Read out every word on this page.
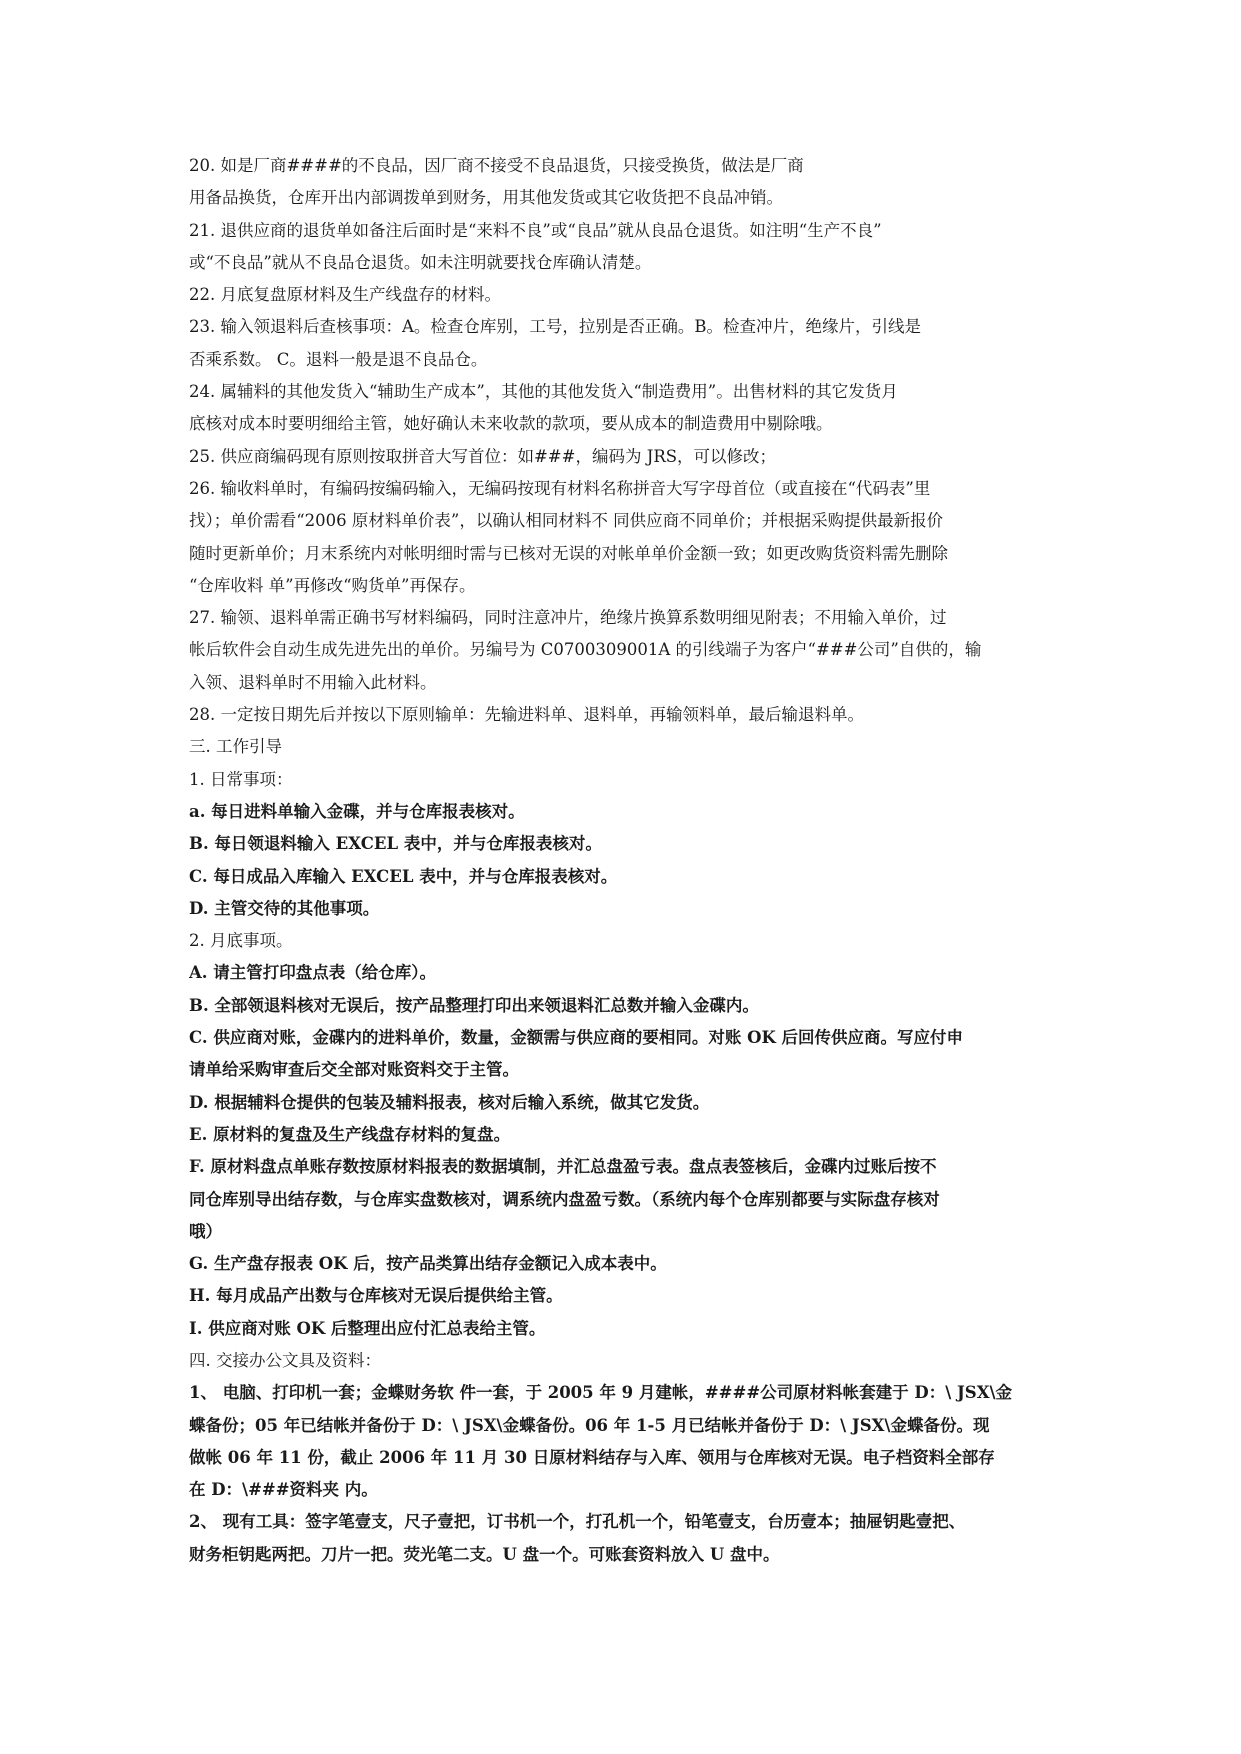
20. 如是厂商####的不良品，因厂商不接受不良品退货，只接受换货，做法是厂商
用备品换货，仓库开出内部调拨单到财务，用其他发货或其它收货把不良品冲销。
21. 退供应商的退货单如备注后面时是“来料不良”或“良品”就从良品仓退货。如注明“生产不良”
或“不良品”就从不良品仓退货。如未注明就要找仓库确认清楚。
22. 月底复盘原材料及生产线盘存的材料。
23. 输入领退料后查核事项：A。检查仓库别，工号，拉别是否正确。B。检查冲片，绝缘片，引线是
否乘系数。 C。退料一般是退不良品仓。
24. 属辅料的其他发货入“辅助生产成本”，其他的其他发货入“制造费用”。出售材料的其它发货月
底核对成本时要明细给主管，她好确认未来收款的款项，要从成本的制造费用中剔除哦。
25. 供应商编码现有原则按取拼音大写首位：如###，编码为 JRS，可以修改；
26. 输收料单时，有编码按编码输入，无编码按现有材料名称拼音大写字母首位（或直接在“代码表”里
找）；单价需看“2006 原材料单价表”，以确认相同材料不 同供应商不同单价；并根据采购提供最新报价
随时更新单价；月末系统内对帐明细时需与已核对无误的对帐单单价金额一致；如更改购货资料需先删除
“仓库收料 单”再修改“购货单”再保存。
27. 输领、退料单需正确书写材料编码，同时注意冲片，绝缘片换算系数明细见附表；不用输入单价，过
帐后软件会自动生成先进先出的单价。另编号为 C0700309001A 的引线端子为客户“###公司”自供的，输
入领、退料单时不用输入此材料。
28. 一定按日期先后并按以下原则输单：先输进料单、退料单，再输领料单，最后输退料单。
三. 工作引导
1. 日常事项：
a. 每日进料单输入金碟，并与仓库报表核对。
B. 每日领退料输入 EXCEL 表中，并与仓库报表核对。
C. 每日成品入库输入 EXCEL 表中，并与仓库报表核对。
D. 主管交待的其他事项。
2. 月底事项。
A. 请主管打印盘点表（给仓库）。
B. 全部领退料核对无误后，按产品整理打印出来领退料汇总数并输入金碟内。
C. 供应商对账，金碟内的进料单价，数量，金额需与供应商的要相同。对账 OK 后回传供应商。写应付申
请单给采购审查后交全部对账资料交于主管。
D. 根据辅料仓提供的包装及辅料报表，核对后输入系统，做其它发货。
E. 原材料的复盘及生产线盘存材料的复盘。
F. 原材料盘点单账存数按原材料报表的数据填制，并汇总盘盈亏表。盘点表签核后，金碟内过账后按不
同仓库别导出结存数，与仓库实盘数核对，调系统内盘盈亏数。（系统内每个仓库别都要与实际盘存核对
哦）
G. 生产盘存报表 OK 后，按产品类算出结存金额记入成本表中。
H. 每月成品产出数与仓库核对无误后提供给主管。
I. 供应商对账 OK 后整理出应付汇总表给主管。
四. 交接办公文具及资料：
1、 电脑、打印机一套；金蝶财务软 件一套，于 2005 年 9 月建帐，####公司原材料帐套建于 D：\ JSX\金
蝶备份；05 年已结帐并备份于 D：\ JSX\金蝶备份。06 年 1-5 月已结帐并备份于 D：\ JSX\金蝶备份。现
做帐 06 年 11 份，截止 2006 年 11 月 30 日原材料结存与入库、领用与仓库核对无误。电子档资料全部存
在 D：\###资料夹 内。
2、 现有工具：签字笔壹支，尺子壹把，订书机一个，打孔机一个，铅笔壹支，台历壹本；抽屉钥匙壹把、
财务柜钥匙两把。刀片一把。荧光笔二支。U 盘一个。可账套资料放入 U 盘中。
